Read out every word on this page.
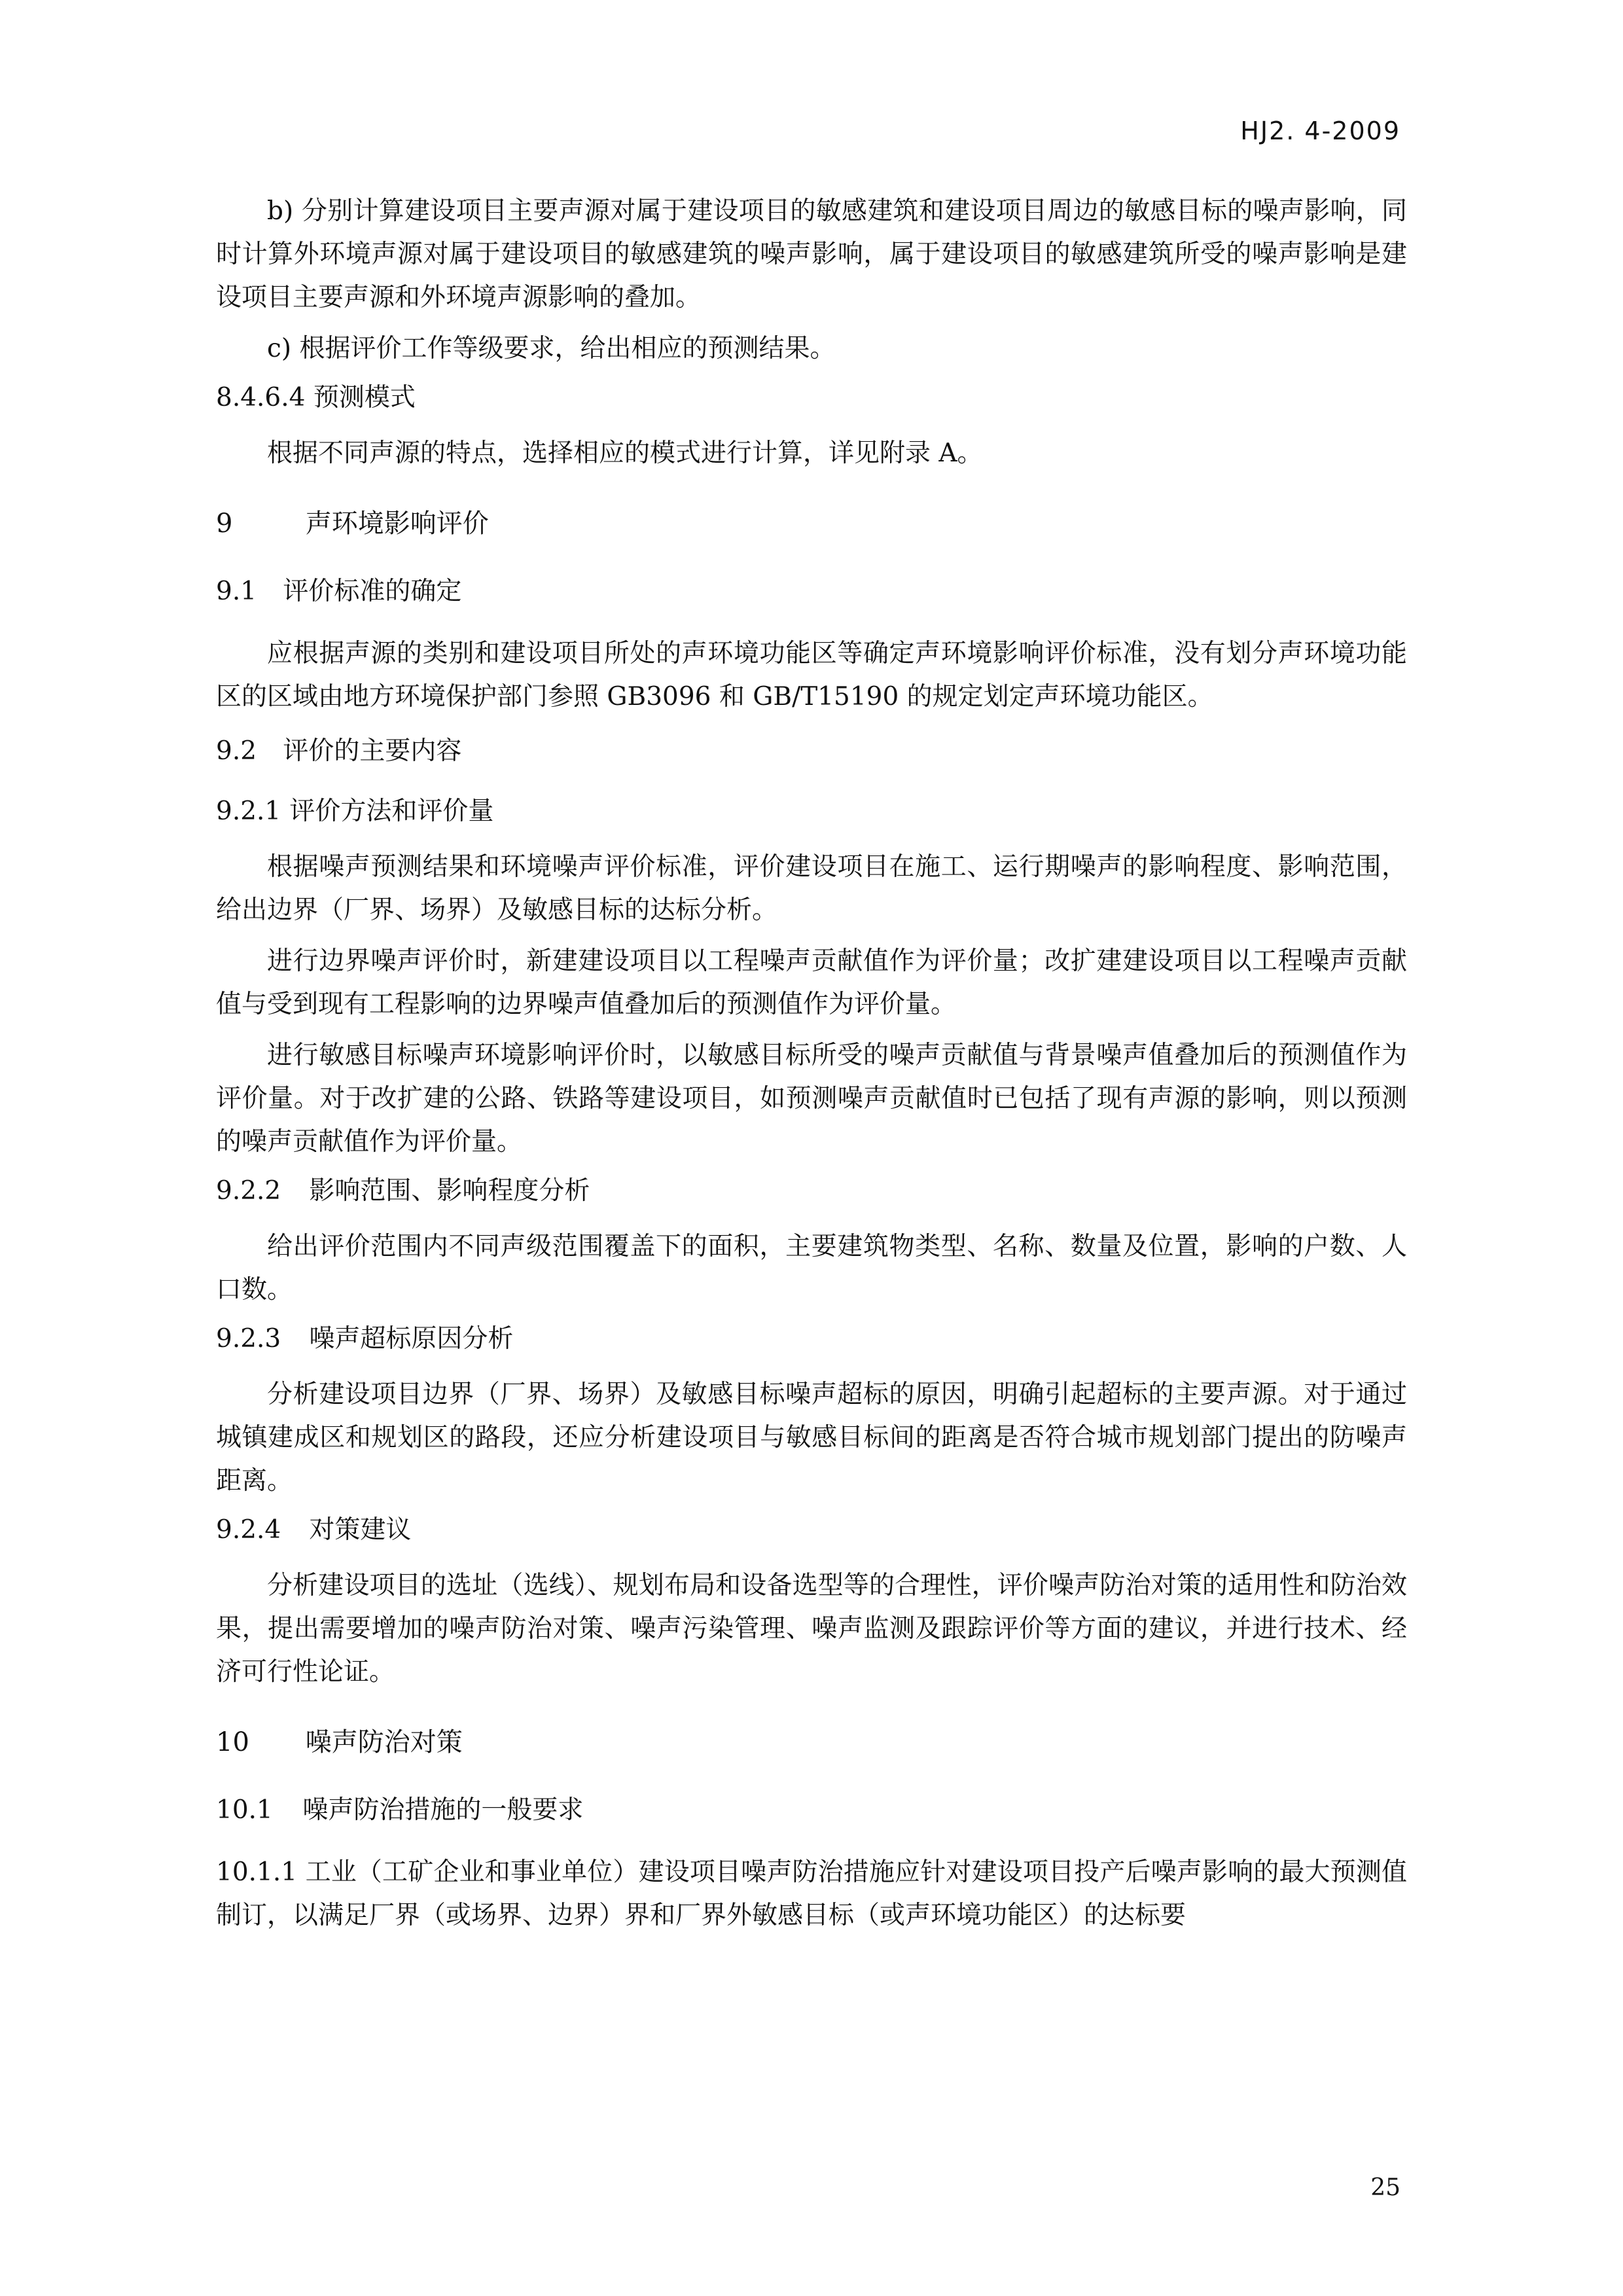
HJ2. 4-2009

b) 分别计算建设项目主要声源对属于建设项目的敏感建筑和建设项目周边的敏感目标的噪声影响，同时计算外环境声源对属于建设项目的敏感建筑的噪声影响，属于建设项目的敏感建筑所受的噪声影响是建设项目主要声源和外环境声源影响的叠加。

c) 根据评价工作等级要求，给出相应的预测结果。

8.4.6.4 预测模式

根据不同声源的特点，选择相应的模式进行计算，详见附录 A。

9	声环境影响评价
9.1 评价标准的确定

应根据声源的类别和建设项目所处的声环境功能区等确定声环境影响评价标准，没有划分声环境功能区的区域由地方环境保护部门参照 GB3096 和 GB/T15190 的规定划定声环境功能区。

9.2 评价的主要内容
9.2.1 评价方法和评价量

根据噪声预测结果和环境噪声评价标准，评价建设项目在施工、运行期噪声的影响程度、影响范围，给出边界（厂界、场界）及敏感目标的达标分析。

进行边界噪声评价时，新建建设项目以工程噪声贡献值作为评价量；改扩建建设项目以工程噪声贡献值与受到现有工程影响的边界噪声值叠加后的预测值作为评价量。

进行敏感目标噪声环境影响评价时，以敏感目标所受的噪声贡献值与背景噪声值叠加后的预测值作为评价量。对于改扩建的公路、铁路等建设项目，如预测噪声贡献值时已包括了现有声源的影响，则以预测的噪声贡献值作为评价量。

9.2.2 影响范围、影响程度分析

给出评价范围内不同声级范围覆盖下的面积，主要建筑物类型、名称、数量及位置，影响的户数、人口数。

9.2.3 噪声超标原因分析

分析建设项目边界（厂界、场界）及敏感目标噪声超标的原因，明确引起超标的主要声源。对于通过城镇建成区和规划区的路段，还应分析建设项目与敏感目标间的距离是否符合城市规划部门提出的防噪声距离。

9.2.4 对策建议

分析建设项目的选址（选线）、规划布局和设备选型等的合理性，评价噪声防治对策的适用性和防治效果，提出需要增加的噪声防治对策、噪声污染管理、噪声监测及跟踪评价等方面的建议，并进行技术、经济可行性论证。

10 噪声防治对策
10.1 噪声防治措施的一般要求

10.1.1 工业（工矿企业和事业单位）建设项目噪声防治措施应针对建设项目投产后噪声影响的最大预测值制订，以满足厂界（或场界、边界）界和厂界外敏感目标（或声环境功能区）的达标要

25
